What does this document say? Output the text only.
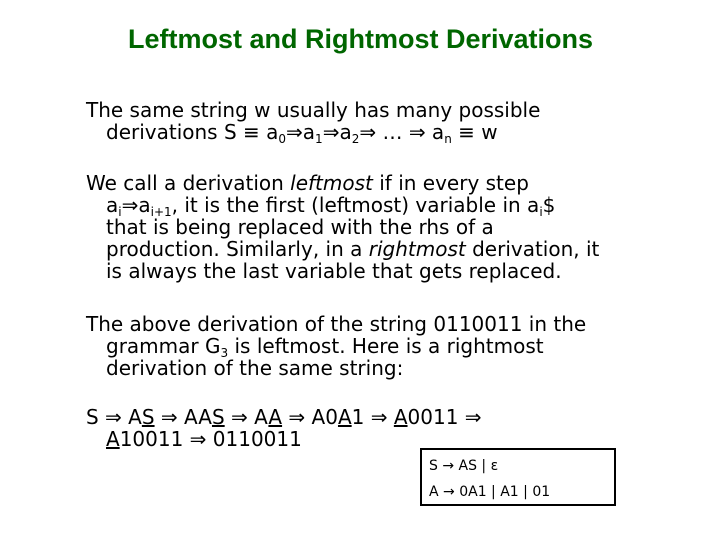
Leftmost and Rightmost Derivations
The same string w usually has many possible
derivations $S \equiv a_0\Rightarrow a_1\Rightarrow a_2\Rightarrow$ … ⇒ $a_n \equiv w$
We call a derivation leftmost if in every step
$a_i\Rightarrow a_{i+1}$, it is the first (leftmost) variable in $a_i\$$
that is being replaced with the rhs of a
production. Similarly, in a rightmost derivation, it
is always the last variable that gets replaced.
The above derivation of the string 0110011 in the
grammar $G_3$ is leftmost. Here is a rightmost
derivation of the same string:
S ⇒ AS ⇒ AAS ⇒ AA ⇒ A0A1 ⇒ A0011 ⇒
A10011 ⇒ 0110011
S → AS | ε
A → 0A1 | A1 | 01
